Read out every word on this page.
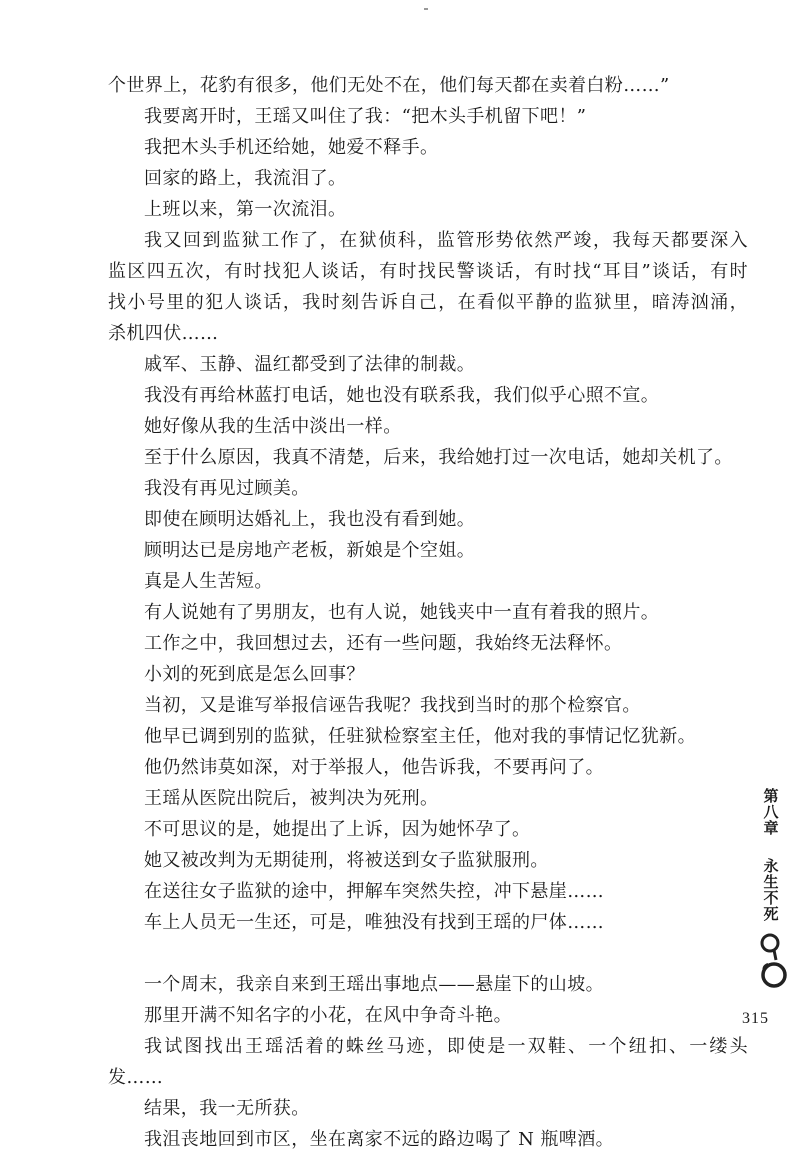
个世界上，花豹有很多，他们无处不在，他们每天都在卖着白粉……”
我要离开时，王瑶又叫住了我：“把木头手机留下吧！”
我把木头手机还给她，她爱不释手。
回家的路上，我流泪了。
上班以来，第一次流泪。
我又回到监狱工作了，在狱侦科，监管形势依然严竣，我每天都要深入
监区四五次，有时找犯人谈话，有时找民警谈话，有时找“耳目”谈话，有时
找小号里的犯人谈话，我时刻告诉自己，在看似平静的监狱里，暗涛汹涌，
杀机四伏……
戚军、玉静、温红都受到了法律的制裁。
我没有再给林蓝打电话，她也没有联系我，我们似乎心照不宣。
她好像从我的生活中淡出一样。
至于什么原因，我真不清楚，后来，我给她打过一次电话，她却关机了。
我没有再见过顾美。
即使在顾明达婚礼上，我也没有看到她。
顾明达已是房地产老板，新娘是个空姐。
真是人生苦短。
有人说她有了男朋友，也有人说，她钱夹中一直有着我的照片。
工作之中，我回想过去，还有一些问题，我始终无法释怀。
小刘的死到底是怎么回事？
当初，又是谁写举报信诬告我呢？我找到当时的那个检察官。
他早已调到别的监狱，任驻狱检察室主任，他对我的事情记忆犹新。
他仍然讳莫如深，对于举报人，他告诉我，不要再问了。
王瑶从医院出院后，被判决为死刑。
不可思议的是，她提出了上诉，因为她怀孕了。
她又被改判为无期徒刑，将被送到女子监狱服刑。
在送往女子监狱的途中，押解车突然失控，冲下悬崖……
车上人员无一生还，可是，唯独没有找到王瑶的尸体……
一个周末，我亲自来到王瑶出事地点——悬崖下的山坡。
那里开满不知名字的小花，在风中争奇斗艳。
我试图找出王瑶活着的蛛丝马迹，即使是一双鞋、一个纽扣、一缕头
发……
结果，我一无所获。
我沮丧地回到市区，坐在离家不远的路边喝了 N 瓶啤酒。
第八章
永生不死
315
